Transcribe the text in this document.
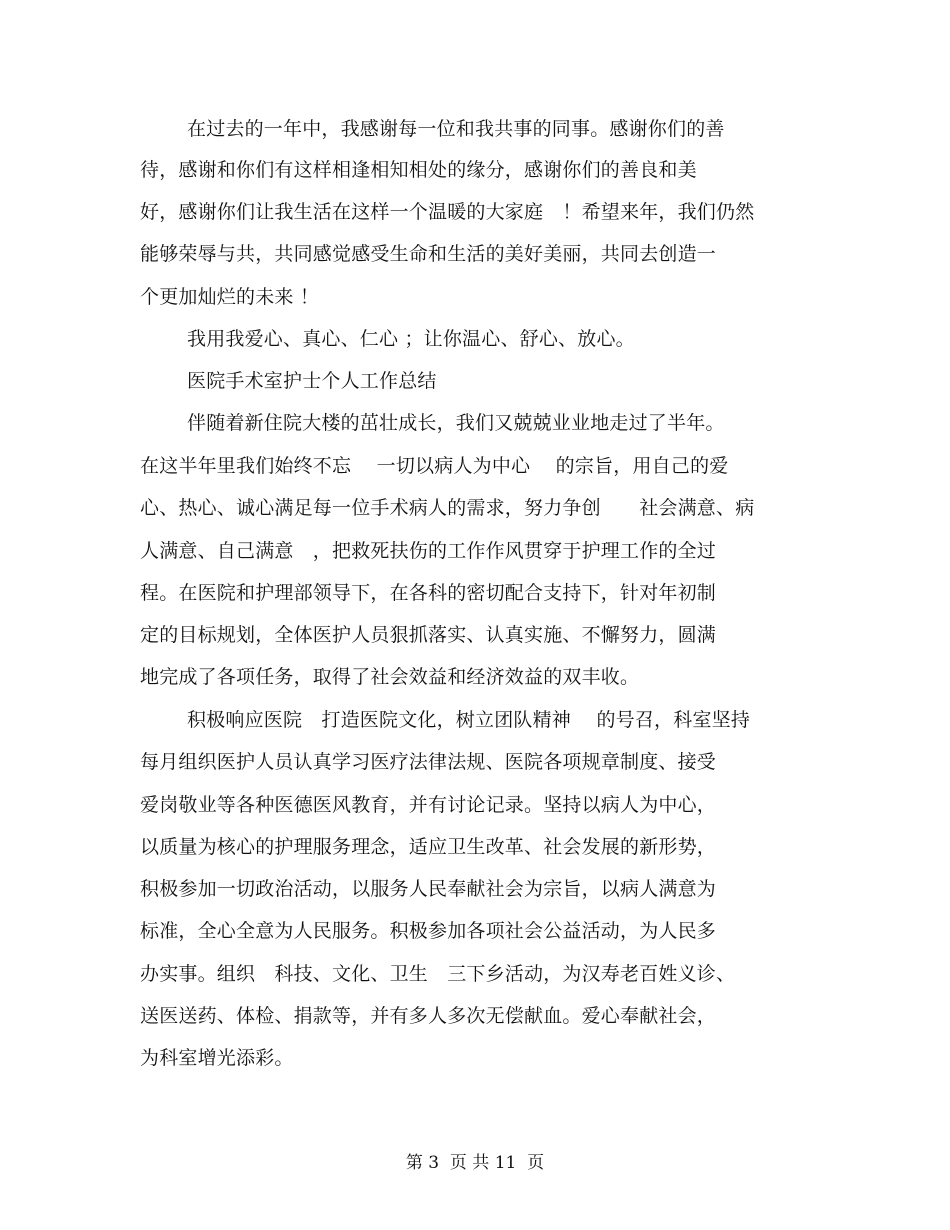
在过去的一年中，我感谢每一位和我共事的同事。感谢你们的善
待，感谢和你们有这样相逢相知相处的缘分，感谢你们的善良和美
好，感谢你们让我生活在这样一个温暖的大家庭　！希望来年，我们仍然
能够荣辱与共，共同感觉感受生命和生活的美好美丽，共同去创造一
个更加灿烂的未来 ！
我用我爱心、真心、仁心 ；让你温心、舒心、放心。
医院手术室护士个人工作总结
伴随着新住院大楼的茁壮成长，我们又兢兢业业地走过了半年。
在这半年里我们始终不忘　 一切以病人为中心　 的宗旨，用自己的爱
心、热心、诚心满足每一位手术病人的需求，努力争创　　社会满意、病
人满意、自己满意　，把救死扶伤的工作作风贯穿于护理工作的全过
程。在医院和护理部领导下，在各科的密切配合支持下，针对年初制
定的目标规划，全体医护人员狠抓落实、认真实施、不懈努力，圆满
地完成了各项任务，取得了社会效益和经济效益的双丰收。
积极响应医院　打造医院文化，树立团队精神　 的号召，科室坚持
每月组织医护人员认真学习医疗法律法规、医院各项规章制度、接受
爱岗敬业等各种医德医风教育，并有讨论记录。坚持以病人为中心，
以质量为核心的护理服务理念，适应卫生改革、社会发展的新形势，
积极参加一切政治活动，以服务人民奉献社会为宗旨，以病人满意为
标准，全心全意为人民服务。积极参加各项社会公益活动，为人民多
办实事。组织　科技、文化、卫生　三下乡活动，为汉寿老百姓义诊、
送医送药、体检、捐款等，并有多人多次无偿献血。爱心奉献社会，
为科室增光添彩。
第 3  页 共 11  页
